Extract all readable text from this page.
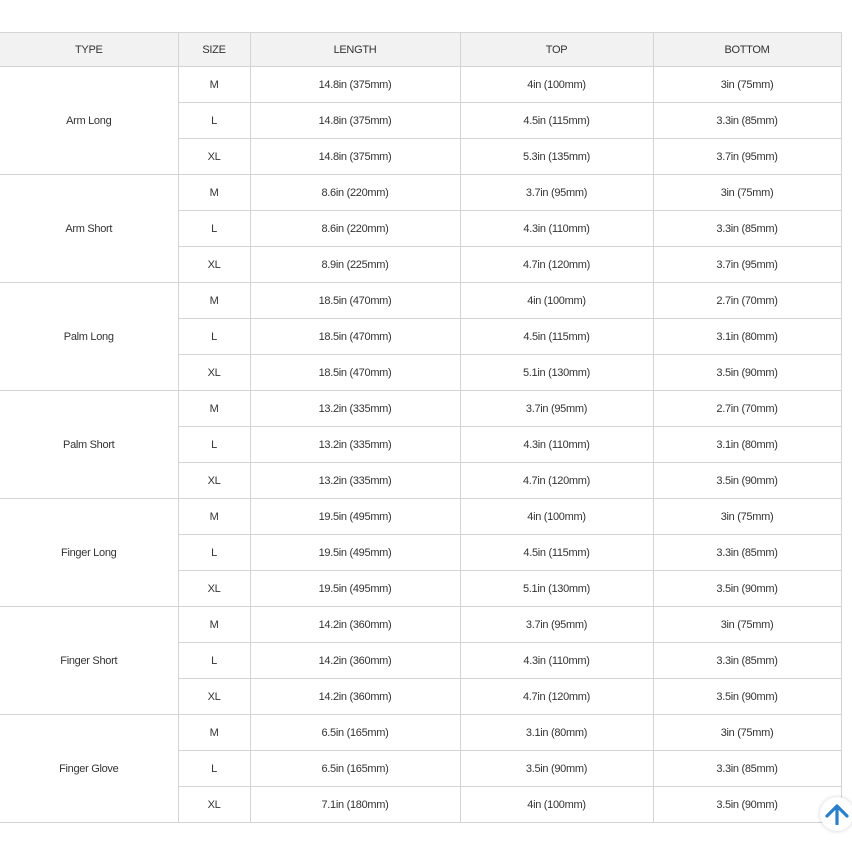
TYPE	SIZE	LENGTH	TOP	BOTTOM
Arm Long	M	14.8in (375mm)	4in (100mm)	3in (75mm)
	L	14.8in (375mm)	4.5in (115mm)	3.3in (85mm)
	XL	14.8in (375mm)	5.3in (135mm)	3.7in (95mm)
Arm Short	M	8.6in (220mm)	3.7in (95mm)	3in (75mm)
	L	8.6in (220mm)	4.3in (110mm)	3.3in (85mm)
	XL	8.9in (225mm)	4.7in (120mm)	3.7in (95mm)
Palm Long	M	18.5in (470mm)	4in (100mm)	2.7in (70mm)
	L	18.5in (470mm)	4.5in (115mm)	3.1in (80mm)
	XL	18.5in (470mm)	5.1in (130mm)	3.5in (90mm)
Palm Short	M	13.2in (335mm)	3.7in (95mm)	2.7in (70mm)
	L	13.2in (335mm)	4.3in (110mm)	3.1in (80mm)
	XL	13.2in (335mm)	4.7in (120mm)	3.5in (90mm)
Finger Long	M	19.5in (495mm)	4in (100mm)	3in (75mm)
	L	19.5in (495mm)	4.5in (115mm)	3.3in (85mm)
	XL	19.5in (495mm)	5.1in (130mm)	3.5in (90mm)
Finger Short	M	14.2in (360mm)	3.7in (95mm)	3in (75mm)
	L	14.2in (360mm)	4.3in (110mm)	3.3in (85mm)
	XL	14.2in (360mm)	4.7in (120mm)	3.5in (90mm)
Finger Glove	M	6.5in (165mm)	3.1in (80mm)	3in (75mm)
	L	6.5in (165mm)	3.5in (90mm)	3.3in (85mm)
	XL	7.1in (180mm)	4in (100mm)	3.5in (90mm)
